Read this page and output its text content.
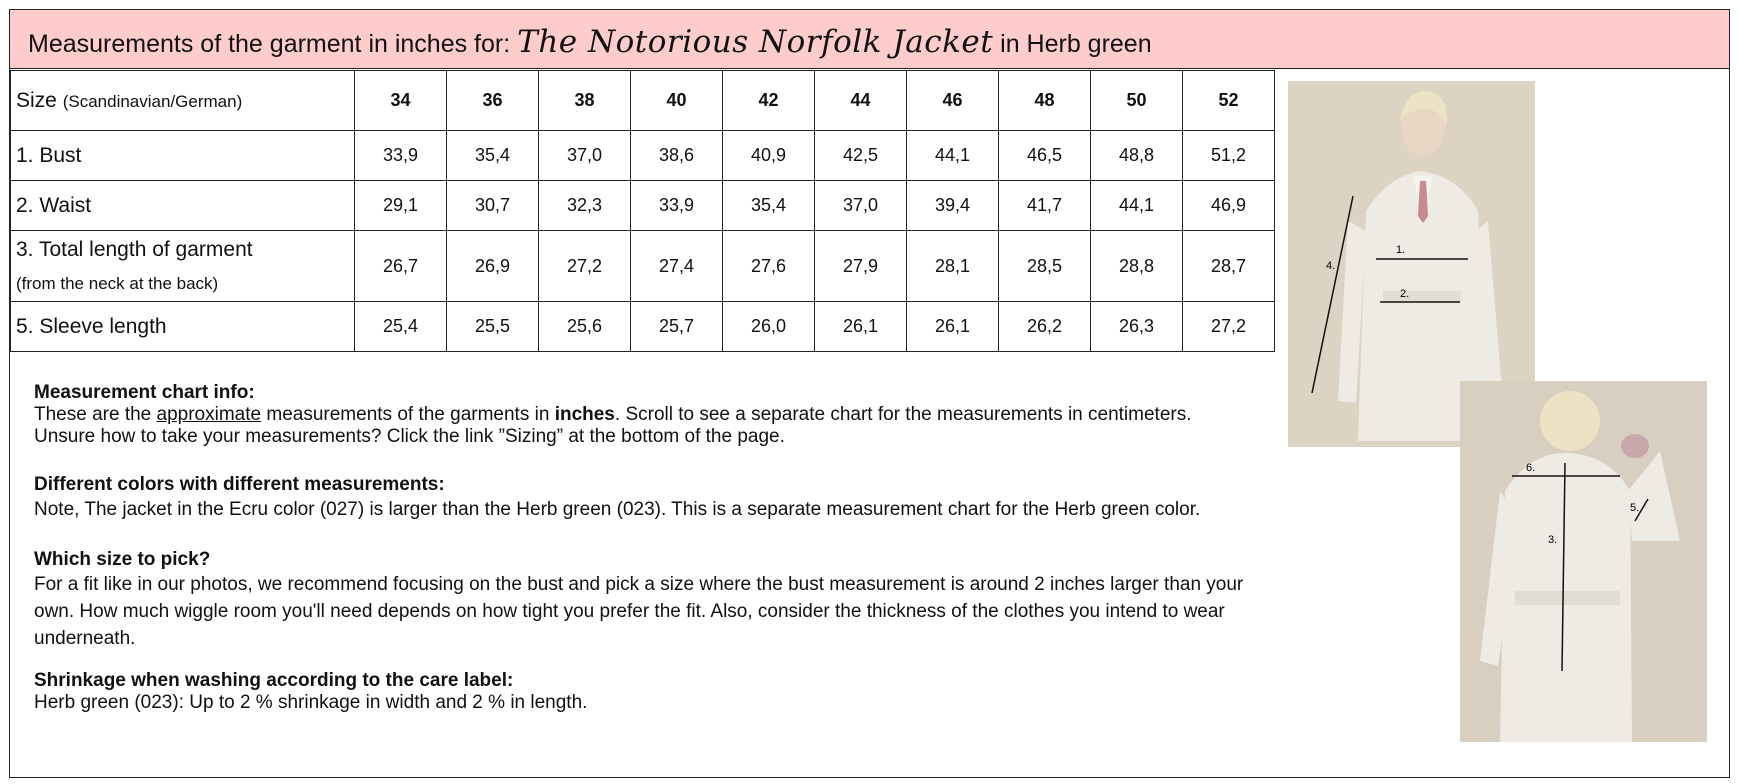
Measurements of the garment in inches for: The Notorious Norfolk Jacket in Herb green
Size (Scandinavian/German)	34	36	38	40	42	44	46	48	50	52
1. Bust	33,9	35,4	37,0	38,6	40,9	42,5	44,1	46,5	48,8	51,2
2. Waist	29,1	30,7	32,3	33,9	35,4	37,0	39,4	41,7	44,1	46,9
3. Total length of garment
(from the neck at the back)	26,7	26,9	27,2	27,4	27,6	27,9	28,1	28,5	28,8	28,7
5. Sleeve length	25,4	25,5	25,6	25,7	26,0	26,1	26,1	26,2	26,3	27,2

Measurement chart info:

These are the approximate measurements of the garments in inches. Scroll to see a separate chart for the measurements in centimeters. Unsure how to take your measurements? Click the link ”Sizing” at the bottom of the page.

Different colors with different measurements:

Note, The jacket in the Ecru color (027) is larger than the Herb green (023). This is a separate measurement chart for the Herb green color.

Which size to pick?

For a fit like in our photos, we recommend focusing on the bust and pick a size where the bust measurement is around 2 inches larger than your own. How much wiggle room you'll need depends on how tight you prefer the fit. Also, consider the thickness of the clothes you intend to wear underneath.

Shrinkage when washing according to the care label:

Herb green (023): Up to 2 % shrinkage in width and 2 % in length.

1.
2.
4.
6.
3.
5.
